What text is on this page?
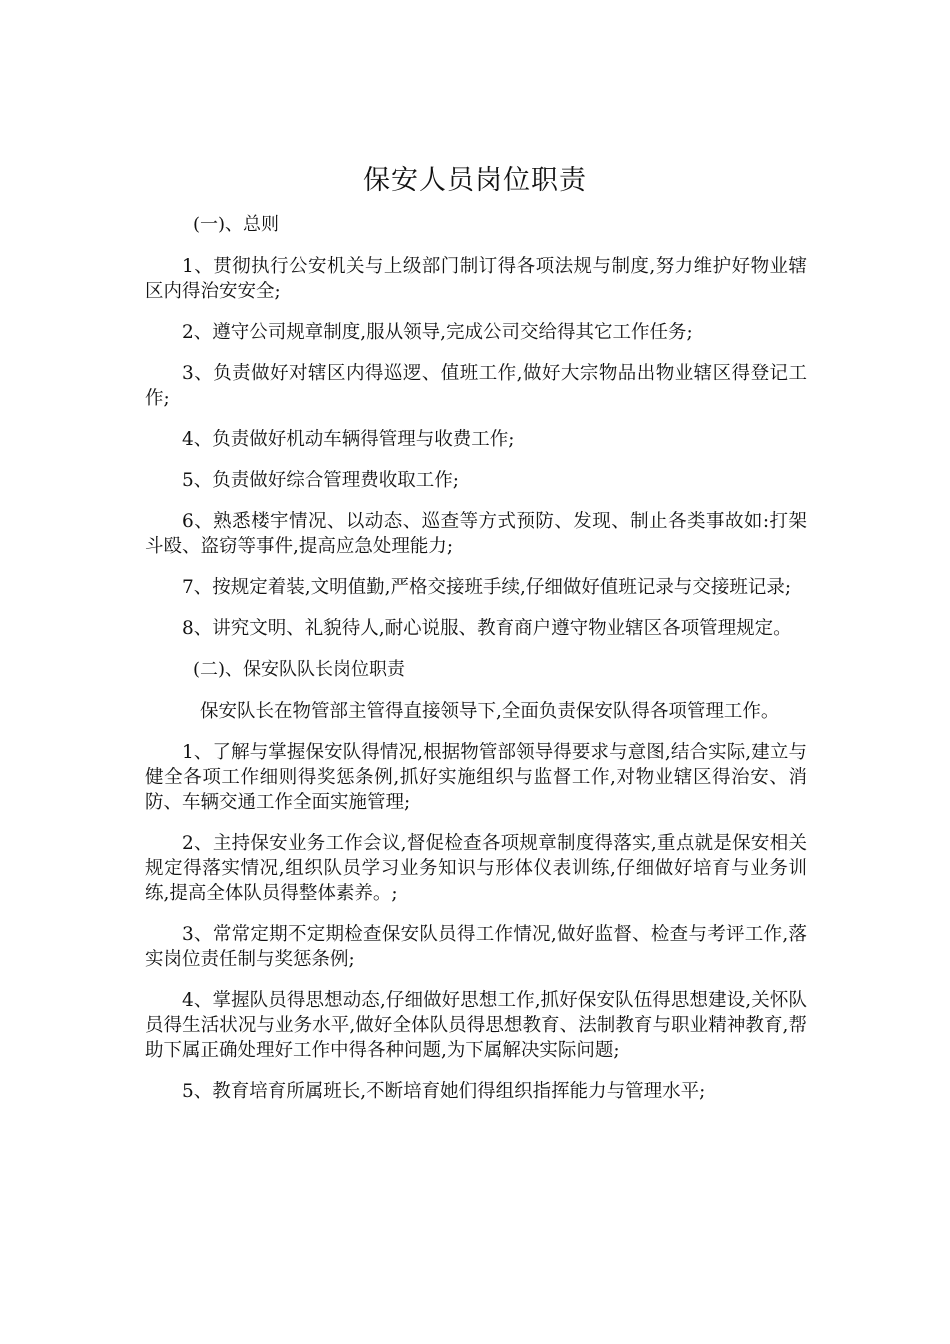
保安人员岗位职责
(一)、总则

1、贯彻执行公安机关与上级部门制订得各项法规与制度,努力维护好物业辖区内得治安安全;

2、遵守公司规章制度,服从领导,完成公司交给得其它工作任务;

3、负责做好对辖区内得巡逻、值班工作,做好大宗物品出物业辖区得登记工作;

4、负责做好机动车辆得管理与收费工作;

5、负责做好综合管理费收取工作;

6、熟悉楼宇情况、以动态、巡查等方式预防、发现、制止各类事故如:打架斗殴、盗窃等事件,提高应急处理能力;

7、按规定着装,文明值勤,严格交接班手续,仔细做好值班记录与交接班记录;

8、讲究文明、礼貌待人,耐心说服、教育商户遵守物业辖区各项管理规定。

(二)、保安队队长岗位职责

保安队长在物管部主管得直接领导下,全面负责保安队得各项管理工作。

1、了解与掌握保安队得情况,根据物管部领导得要求与意图,结合实际,建立与健全各项工作细则得奖惩条例,抓好实施组织与监督工作,对物业辖区得治安、消防、车辆交通工作全面实施管理;

2、主持保安业务工作会议,督促检查各项规章制度得落实,重点就是保安相关规定得落实情况,组织队员学习业务知识与形体仪表训练,仔细做好培育与业务训练,提高全体队员得整体素养。;

3、常常定期不定期检查保安队员得工作情况,做好监督、检查与考评工作,落实岗位责任制与奖惩条例;

4、掌握队员得思想动态,仔细做好思想工作,抓好保安队伍得思想建设,关怀队员得生活状况与业务水平,做好全体队员得思想教育、法制教育与职业精神教育,帮助下属正确处理好工作中得各种问题,为下属解决实际问题;

5、教育培育所属班长,不断培育她们得组织指挥能力与管理水平;
